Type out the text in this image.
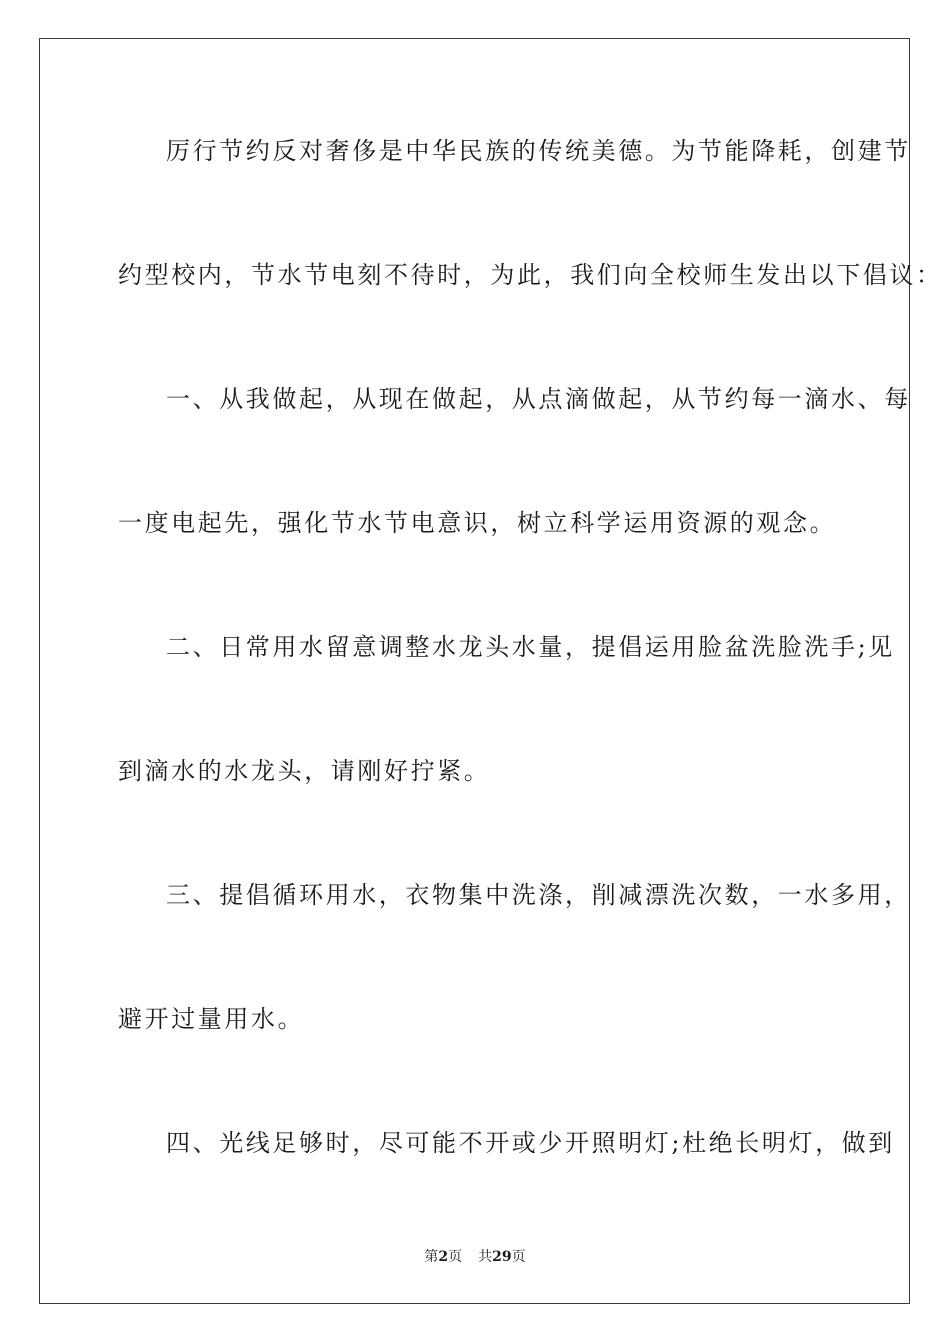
厉行节约反对奢侈是中华民族的传统美德。为节能降耗，创建节
约型校内，节水节电刻不待时，为此，我们向全校师生发出以下倡议：
一、从我做起，从现在做起，从点滴做起，从节约每一滴水、每
一度电起先，强化节水节电意识，树立科学运用资源的观念。
二、日常用水留意调整水龙头水量，提倡运用脸盆洗脸洗手;见
到滴水的水龙头，请刚好拧紧。
三、提倡循环用水，衣物集中洗涤，削减漂洗次数，一水多用，
避开过量用水。
四、光线足够时，尽可能不开或少开照明灯;杜绝长明灯，做到
第2页 共29页
